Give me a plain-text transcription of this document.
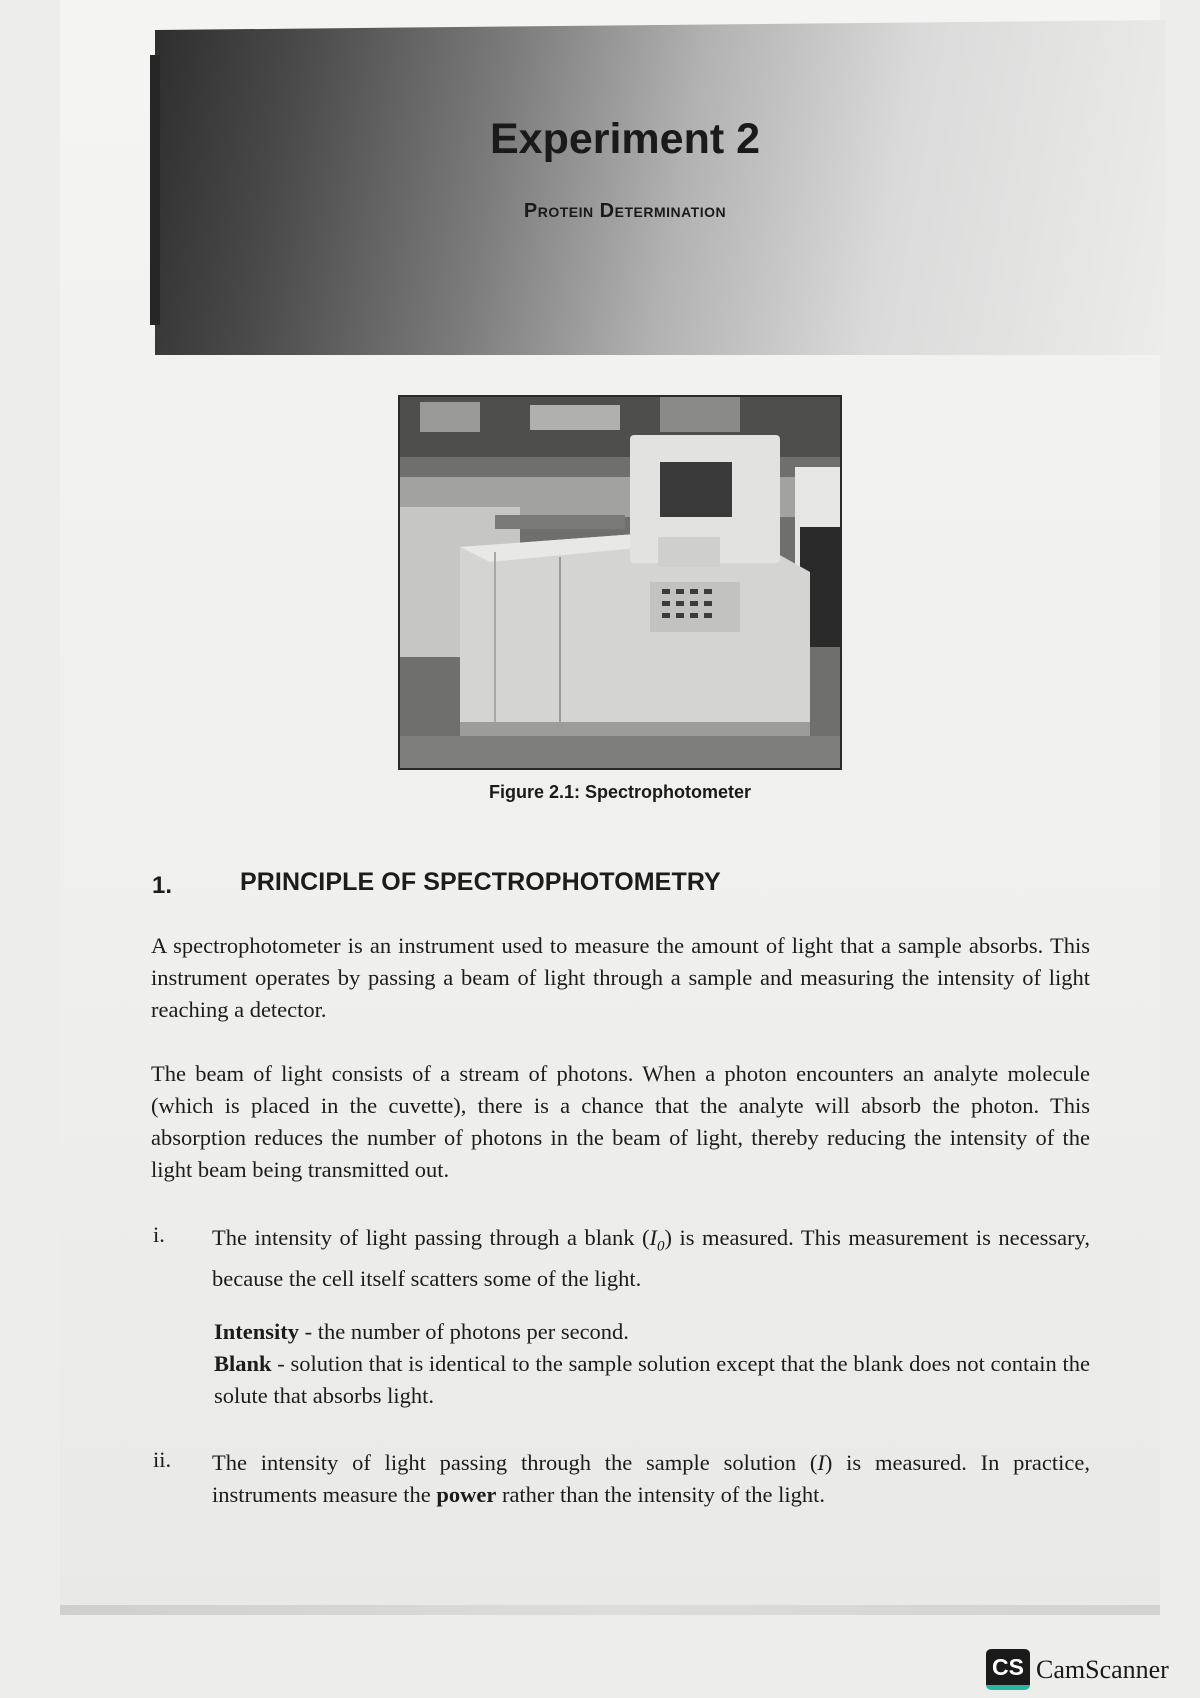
Experiment 2

Protein Determination

Figure 2.1: Spectrophotometer
1.	PRINCIPLE OF SPECTROPHOTOMETRY

A spectrophotometer is an instrument used to measure the amount of light that a sample absorbs. This instrument operates by passing a beam of light through a sample and measuring the intensity of light reaching a detector.

The beam of light consists of a stream of photons. When a photon encounters an analyte molecule (which is placed in the cuvette), there is a chance that the analyte will absorb the photon. This absorption reduces the number of photons in the beam of light, thereby reducing the intensity of the light beam being transmitted out.

i. The intensity of light passing through a blank $(I_0)$ is measured. This measurement is necessary, because the cell itself scatters some of the light.

Intensity - the number of photons per second.

Blank - solution that is identical to the sample solution except that the blank does not contain the solute that absorbs light.

ii. The intensity of light passing through the sample solution (I) is measured. In practice, instruments measure the power rather than the intensity of the light.

CS CamScanner
